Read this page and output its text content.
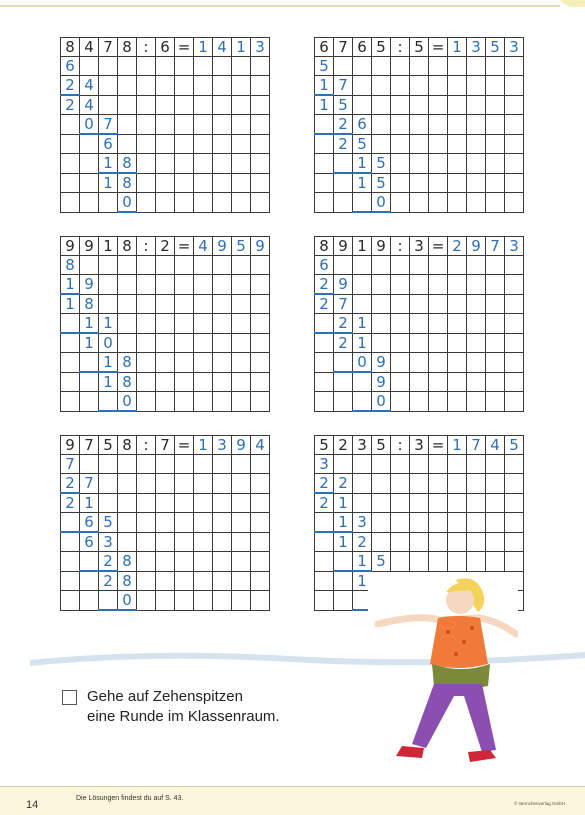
8	4	7	8	:	6	=	1	4	1	3
6										
2	4									
2	4									
	0	7								
		6								
		1	8							
		1	8							
			0							
6	7	6	5	:	5	=	1	3	5	3
5										
1	7									
1	5									
	2	6								
	2	5								
		1	5							
		1	5							
			0							
9	9	1	8	:	2	=	4	9	5	9
8										
1	9									
1	8									
	1	1								
	1	0								
		1	8							
		1	8							
			0							
8	9	1	9	:	3	=	2	9	7	3
6										
2	9									
2	7									
	2	1								
	2	1								
		0	9							
			9							
			0							
9	7	5	8	:	7	=	1	3	9	4
7										
2	7									
2	1									
	6	5								
	6	3								
		2	8							
		2	8							
			0							
5	2	3	5	:	3	=	1	7	4	5
3										
2	2									
2	1									
	1	3								
	1	2								
		1	5							
		1								

Gehe auf Zehenspitzen
eine Runde im Klassenraum.
14
Die Lösungen findest du auf S. 43.
© sternchenverlag GmbH
